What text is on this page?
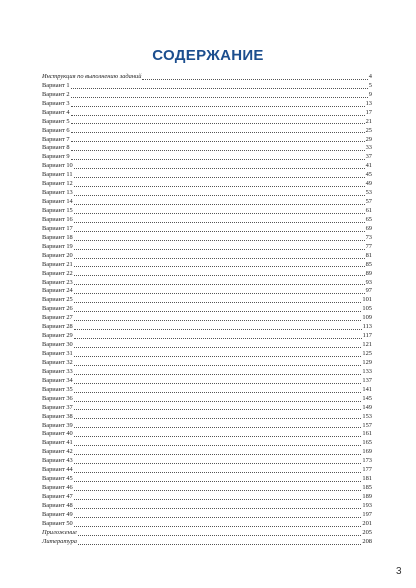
СОДЕРЖАНИЕ
Инструкция по выполнению заданий	4
Вариант 1	5
Вариант 2	9
Вариант 3	13
Вариант 4	17
Вариант 5	21
Вариант 6	25
Вариант 7	29
Вариант 8	33
Вариант 9	37
Вариант 10	41
Вариант 11	45
Вариант 12	49
Вариант 13	53
Вариант 14	57
Вариант 15	61
Вариант 16	65
Вариант 17	69
Вариант 18	73
Вариант 19	77
Вариант 20	81
Вариант 21	85
Вариант 22	89
Вариант 23	93
Вариант 24	97
Вариант 25	101
Вариант 26	105
Вариант 27	109
Вариант 28	113
Вариант 29	117
Вариант 30	121
Вариант 31	125
Вариант 32	129
Вариант 33	133
Вариант 34	137
Вариант 35	141
Вариант 36	145
Вариант 37	149
Вариант 38	153
Вариант 39	157
Вариант 40	161
Вариант 41	165
Вариант 42	169
Вариант 43	173
Вариант 44	177
Вариант 45	181
Вариант 46	185
Вариант 47	189
Вариант 48	193
Вариант 49	197
Вариант 50	201
Приложение	205
Литература	208
3
